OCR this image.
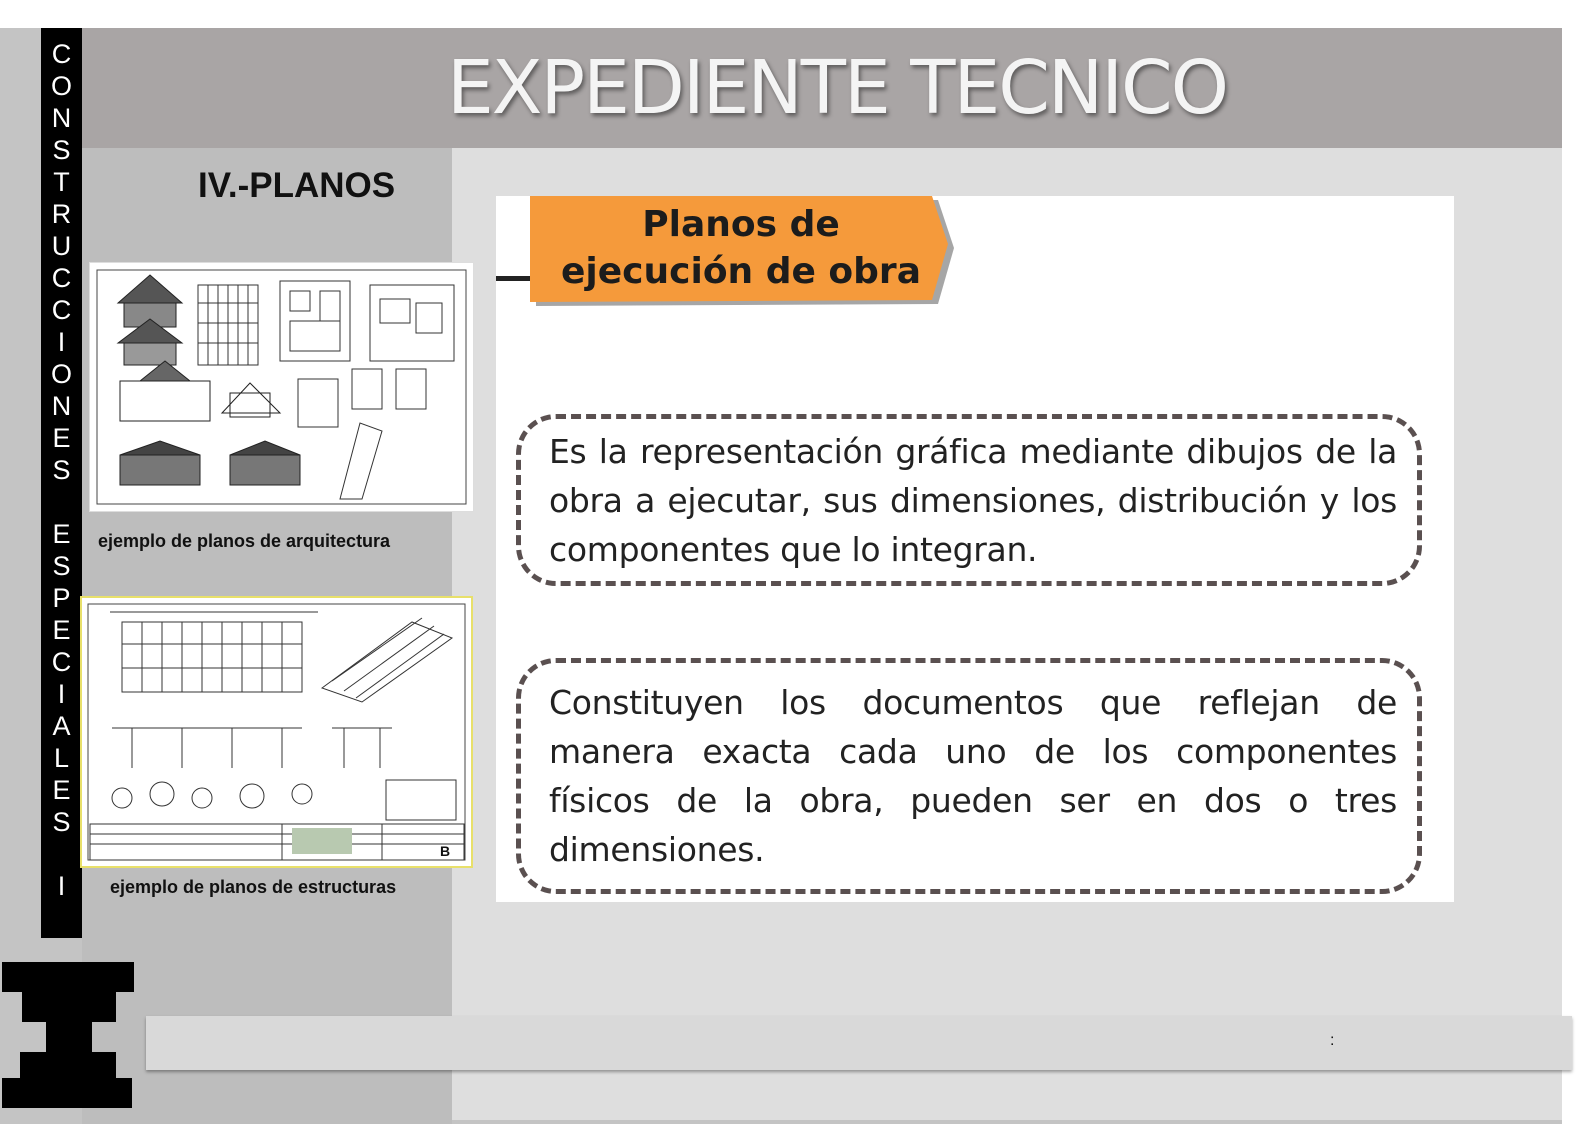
EXPEDIENTE TECNICO
C
O
N
S
T
R
U
C
C
I
O
N
E
S
E
S
P
E
C
I
A
L
E
S
I
IV.-PLANOS
ejemplo de planos de arquitectura
B
ejemplo de planos de estructuras
Planos de
ejecución de obra
Es la representación gráfica mediante dibujos de la obra a ejecutar, sus dimensiones, distribución y los componentes que lo integran.
Constituyen los documentos que reflejan de manera exacta cada uno de los componentes físicos de la obra, pueden ser en dos o tres dimensiones.
:
